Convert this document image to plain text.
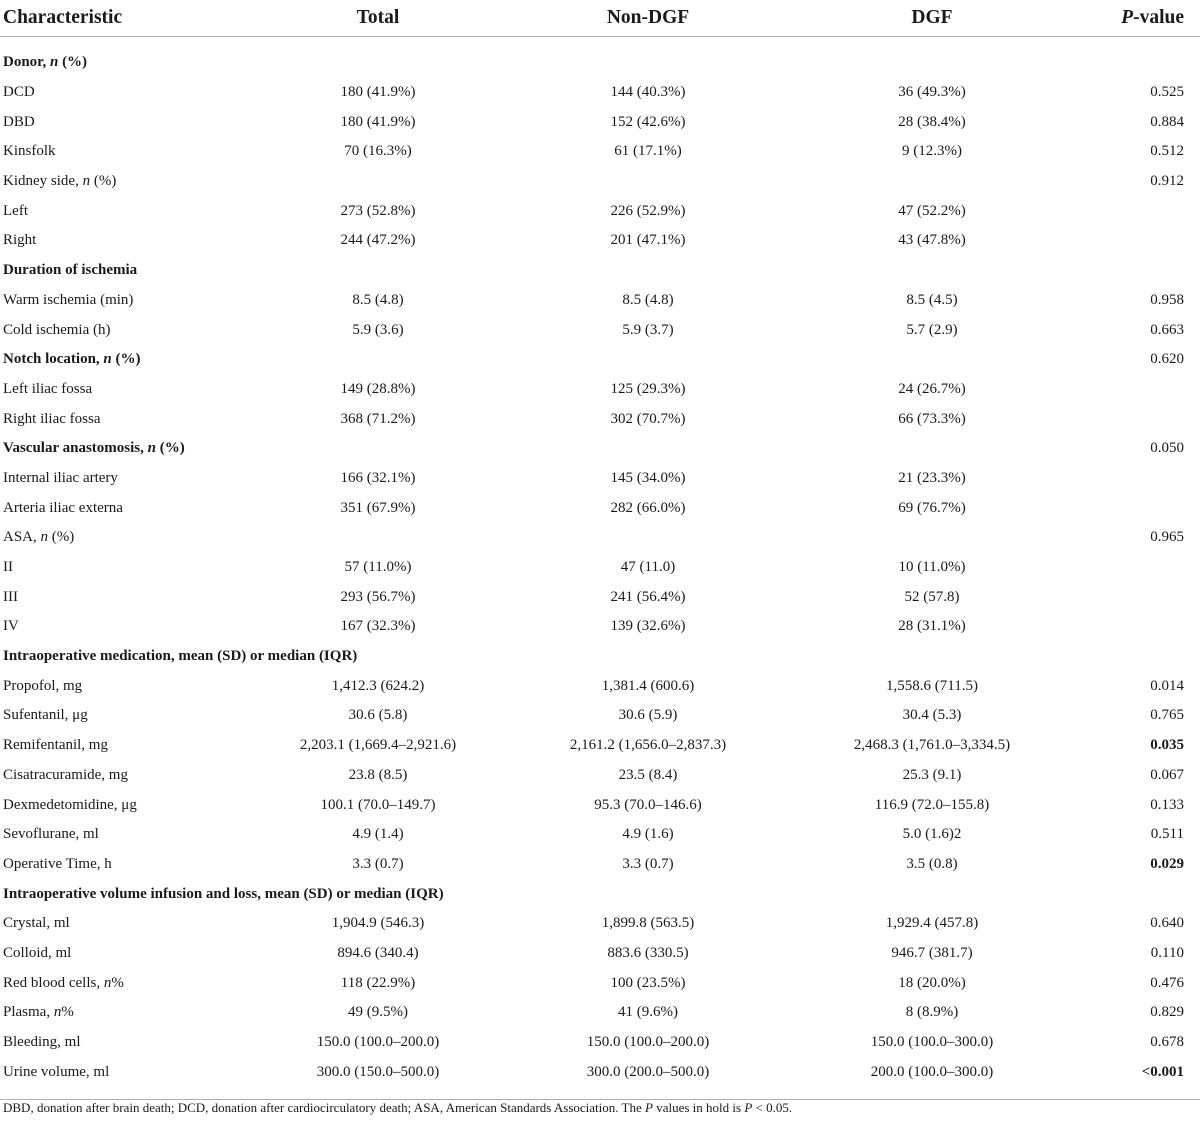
Characteristic	Total	Non-DGF	DGF	P-value

Donor, n (%)				
DCD	180 (41.9%)	144 (40.3%)	36 (49.3%)	0.525
DBD	180 (41.9%)	152 (42.6%)	28 (38.4%)	0.884
Kinsfolk	70 (16.3%)	61 (17.1%)	9 (12.3%)	0.512
Kidney side, n (%)				0.912
Left	273 (52.8%)	226 (52.9%)	47 (52.2%)	
Right	244 (47.2%)	201 (47.1%)	43 (47.8%)	
Duration of ischemia				
Warm ischemia (min)	8.5 (4.8)	8.5 (4.8)	8.5 (4.5)	0.958
Cold ischemia (h)	5.9 (3.6)	5.9 (3.7)	5.7 (2.9)	0.663
Notch location, n (%)				0.620
Left iliac fossa	149 (28.8%)	125 (29.3%)	24 (26.7%)	
Right iliac fossa	368 (71.2%)	302 (70.7%)	66 (73.3%)	
Vascular anastomosis, n (%)				0.050
Internal iliac artery	166 (32.1%)	145 (34.0%)	21 (23.3%)	
Arteria iliac externa	351 (67.9%)	282 (66.0%)	69 (76.7%)	
ASA, n (%)				0.965
II	57 (11.0%)	47 (11.0)	10 (11.0%)	
III	293 (56.7%)	241 (56.4%)	52 (57.8)	
IV	167 (32.3%)	139 (32.6%)	28 (31.1%)	
Intraoperative medication, mean (SD) or median (IQR)				
Propofol, mg	1,412.3 (624.2)	1,381.4 (600.6)	1,558.6 (711.5)	0.014
Sufentanil, μg	30.6 (5.8)	30.6 (5.9)	30.4 (5.3)	0.765
Remifentanil, mg	2,203.1 (1,669.4–2,921.6)	2,161.2 (1,656.0–2,837.3)	2,468.3 (1,761.0–3,334.5)	0.035
Cisatracuramide, mg	23.8 (8.5)	23.5 (8.4)	25.3 (9.1)	0.067
Dexmedetomidine, μg	100.1 (70.0–149.7)	95.3 (70.0–146.6)	116.9 (72.0–155.8)	0.133
Sevoflurane, ml	4.9 (1.4)	4.9 (1.6)	5.0 (1.6)2	0.511
Operative Time, h	3.3 (0.7)	3.3 (0.7)	3.5 (0.8)	0.029
Intraoperative volume infusion and loss, mean (SD) or median (IQR)				
Crystal, ml	1,904.9 (546.3)	1,899.8 (563.5)	1,929.4 (457.8)	0.640
Colloid, ml	894.6 (340.4)	883.6 (330.5)	946.7 (381.7)	0.110
Red blood cells, n%	118 (22.9%)	100 (23.5%)	18 (20.0%)	0.476
Plasma, n%	49 (9.5%)	41 (9.6%)	8 (8.9%)	0.829
Bleeding, ml	150.0 (100.0–200.0)	150.0 (100.0–200.0)	150.0 (100.0–300.0)	0.678
Urine volume, ml	300.0 (150.0–500.0)	300.0 (200.0–500.0)	200.0 (100.0–300.0)	<0.001

DBD, donation after brain death; DCD, donation after cardiocirculatory death; ASA, American Standards Association. The P values in hold is P < 0.05.
